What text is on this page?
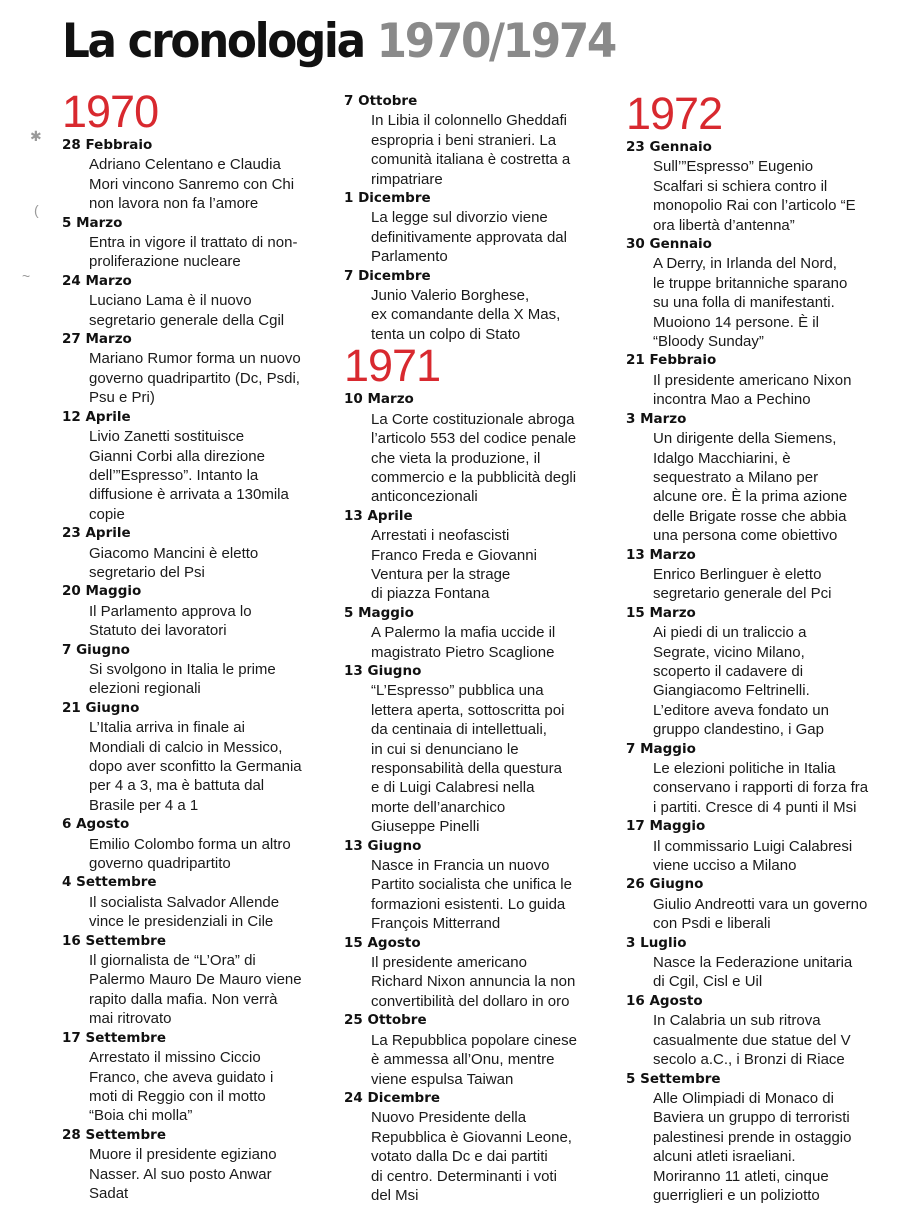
La cronologia 1970/1974
✱
(
~
1970
28 Febbraio
Adriano Celentano e Claudia
Mori vincono Sanremo con Chi
non lavora non fa l’amore
5 Marzo
Entra in vigore il trattato di non-
proliferazione nucleare
24 Marzo
Luciano Lama è il nuovo
segretario generale della Cgil
27 Marzo
Mariano Rumor forma un nuovo
governo quadripartito (Dc, Psdi,
Psu e Pri)
12 Aprile
Livio Zanetti sostituisce
Gianni Corbi alla direzione
dell’”Espresso”. Intanto la
diffusione è arrivata a 130mila
copie
23 Aprile
Giacomo Mancini è eletto
segretario del Psi
20 Maggio
Il Parlamento approva lo
Statuto dei lavoratori
7 Giugno
Si svolgono in Italia le prime
elezioni regionali
21 Giugno
L’Italia arriva in finale ai
Mondiali di calcio in Messico,
dopo aver sconfitto la Germania
per 4 a 3, ma è battuta dal
Brasile per 4 a 1
6 Agosto
Emilio Colombo forma un altro
governo quadripartito
4 Settembre
Il socialista Salvador Allende
vince le presidenziali in Cile
16 Settembre
Il giornalista de “L’Ora” di
Palermo Mauro De Mauro viene
rapito dalla mafia. Non verrà
mai ritrovato
17 Settembre
Arrestato il missino Ciccio
Franco, che aveva guidato i
moti di Reggio con il motto
“Boia chi molla”
28 Settembre
Muore il presidente egiziano
Nasser. Al suo posto Anwar
Sadat
7 Ottobre
In Libia il colonnello Gheddafi
espropria i beni stranieri. La
comunità italiana è costretta a
rimpatriare
1 Dicembre
La legge sul divorzio viene
definitivamente approvata dal
Parlamento
7 Dicembre
Junio Valerio Borghese,
ex comandante della X Mas,
tenta un colpo di Stato
1971
10 Marzo
La Corte costituzionale abroga
l’articolo 553 del codice penale
che vieta la produzione, il
commercio e la pubblicità degli
anticoncezionali
13 Aprile
Arrestati i neofascisti
Franco Freda e Giovanni
Ventura per la strage
di piazza Fontana
5 Maggio
A Palermo la mafia uccide il
magistrato Pietro Scaglione
13 Giugno
“L’Espresso” pubblica una
lettera aperta, sottoscritta poi
da centinaia di intellettuali,
in cui si denunciano le
responsabilità della questura
e di Luigi Calabresi nella
morte dell’anarchico
Giuseppe Pinelli
13 Giugno
Nasce in Francia un nuovo
Partito socialista che unifica le
formazioni esistenti. Lo guida
François Mitterrand
15 Agosto
Il presidente americano
Richard Nixon annuncia la non
convertibilità del dollaro in oro
25 Ottobre
La Repubblica popolare cinese
è ammessa all’Onu, mentre
viene espulsa Taiwan
24 Dicembre
Nuovo Presidente della
Repubblica è Giovanni Leone,
votato dalla Dc e dai partiti
di centro. Determinanti i voti
del Msi
1972
23 Gennaio
Sull’”Espresso” Eugenio
Scalfari si schiera contro il
monopolio Rai con l’articolo “E
ora libertà d’antenna”
30 Gennaio
A Derry, in Irlanda del Nord,
le truppe britanniche sparano
su una folla di manifestanti.
Muoiono 14 persone. È il
“Bloody Sunday”
21 Febbraio
Il presidente americano Nixon
incontra Mao a Pechino
3 Marzo
Un dirigente della Siemens,
Idalgo Macchiarini, è
sequestrato a Milano per
alcune ore. È la prima azione
delle Brigate rosse che abbia
una persona come obiettivo
13 Marzo
Enrico Berlinguer è eletto
segretario generale del Pci
15 Marzo
Ai piedi di un traliccio a
Segrate, vicino Milano,
scoperto il cadavere di
Giangiacomo Feltrinelli.
L’editore aveva fondato un
gruppo clandestino, i Gap
7 Maggio
Le elezioni politiche in Italia
conservano i rapporti di forza fra
i partiti. Cresce di 4 punti il Msi
17 Maggio
Il commissario Luigi Calabresi
viene ucciso a Milano
26 Giugno
Giulio Andreotti vara un governo
con Psdi e liberali
3 Luglio
Nasce la Federazione unitaria
di Cgil, Cisl e Uil
16 Agosto
In Calabria un sub ritrova
casualmente due statue del V
secolo a.C., i Bronzi di Riace
5 Settembre
Alle Olimpiadi di Monaco di
Baviera un gruppo di terroristi
palestinesi prende in ostaggio
alcuni atleti israeliani.
Moriranno 11 atleti, cinque
guerriglieri e un poliziotto
